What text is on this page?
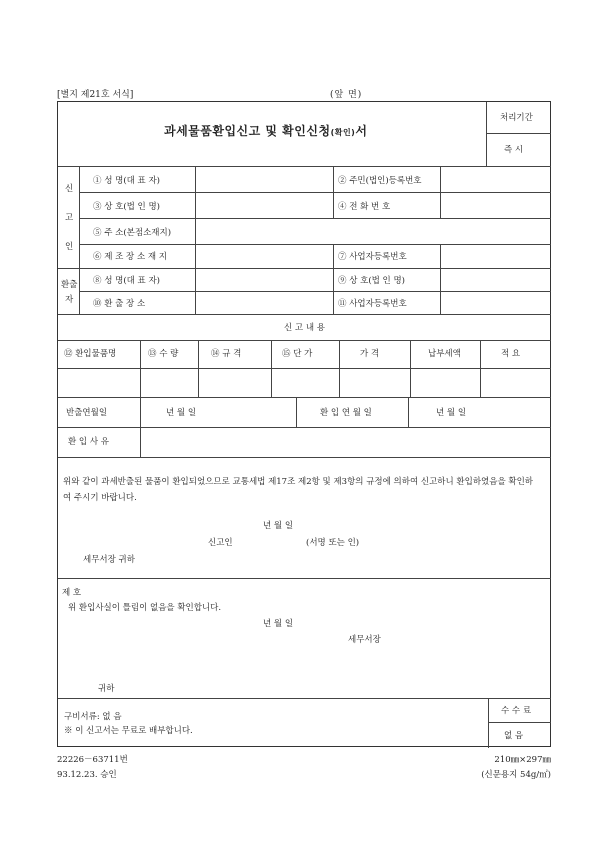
[별지 제21호 서식]	(앞 면)
과세물품환입신고 및 확인신청(확인)서
처리기간
즉 시
신
고
인
① 성 명(대 표 자)	② 주민(법인)등록번호
③ 상 호(법 인 명)	④ 전 화 번 호
⑤ 주 소(본점소재지)
⑥ 제 조 장 소 재 지	⑦ 사업자등록번호
환출
자
⑧ 성 명(대 표 자)	⑨ 상 호(법 인 명)
⑩ 환 출 장 소	⑪ 사업자등록번호
신 고 내 용
⑫ 환입물품명	⑬ 수 량	⑭ 규 격	⑮ 단 가	가 격	납부세액	적 요
반출연월일	년 월 일	환 입 연 월 일	년 월 일
환 입 사 유
위와 같이 과세반출된 물품이 환입되었으므로 교통세법 제17조 제2항 및 제3항의 규정에 의하여 신고하니 환입하였음을 확인하여 주시기 바랍니다.
년 월 일
신고인	(서명 또는 인)
세무서장 귀하
제 호
위 환입사실이 틀림이 없음을 확인합니다.
년 월 일
세무서장
귀하
구비서류: 없 음
※ 이 신고서는 무료로 배부합니다.
수 수 료
없 음
22226－63711번
93.12.23. 승인
210㎜×297㎜
(신문용지 54g/㎡)
